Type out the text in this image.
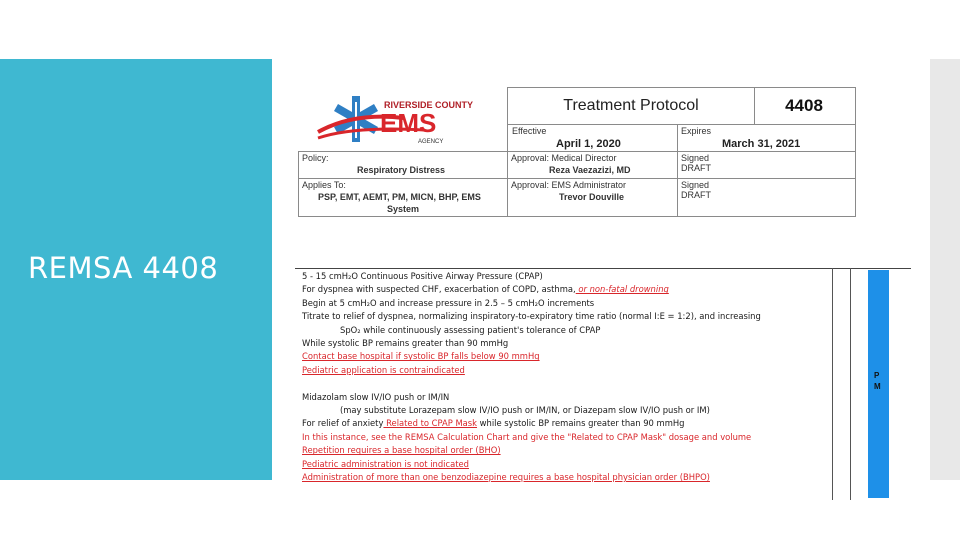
REMSA 4408
RIVERSIDE COUNTY
EMS
AGENCY
Treatment Protocol	4408
Effective
April 1, 2020
Expires
March 31, 2021
Policy:
Respiratory Distress
Approval: Medical Director
Reza Vaezazizi, MD
Signed
DRAFT
Applies To:
PSP, EMT, AEMT, PM, MICN, BHP, EMS
System
Approval: EMS Administrator
Trevor Douville
Signed
DRAFT
P
M
5 - 15 cmH₂O Continuous Positive Airway Pressure (CPAP)
For dyspnea with suspected CHF, exacerbation of COPD, asthma, or non-fatal drowning
Begin at 5 cmH₂O and increase pressure in 2.5 – 5 cmH₂O increments
Titrate to relief of dyspnea, normalizing inspiratory-to-expiratory time ratio (normal I:E = 1:2), and increasing
SpO₂ while continuously assessing patient's tolerance of CPAP
While systolic BP remains greater than 90 mmHg
Contact base hospital if systolic BP falls below 90 mmHg
Pediatric application is contraindicated
Midazolam slow IV/IO push or IM/IN
(may substitute Lorazepam slow IV/IO push or IM/IN, or Diazepam slow IV/IO push or IM)
For relief of anxiety Related to CPAP Mask while systolic BP remains greater than 90 mmHg
In this instance, see the REMSA Calculation Chart and give the "Related to CPAP Mask" dosage and volume
Repetition requires a base hospital order (BHO)
Pediatric administration is not indicated
Administration of more than one benzodiazepine requires a base hospital physician order (BHPO)
